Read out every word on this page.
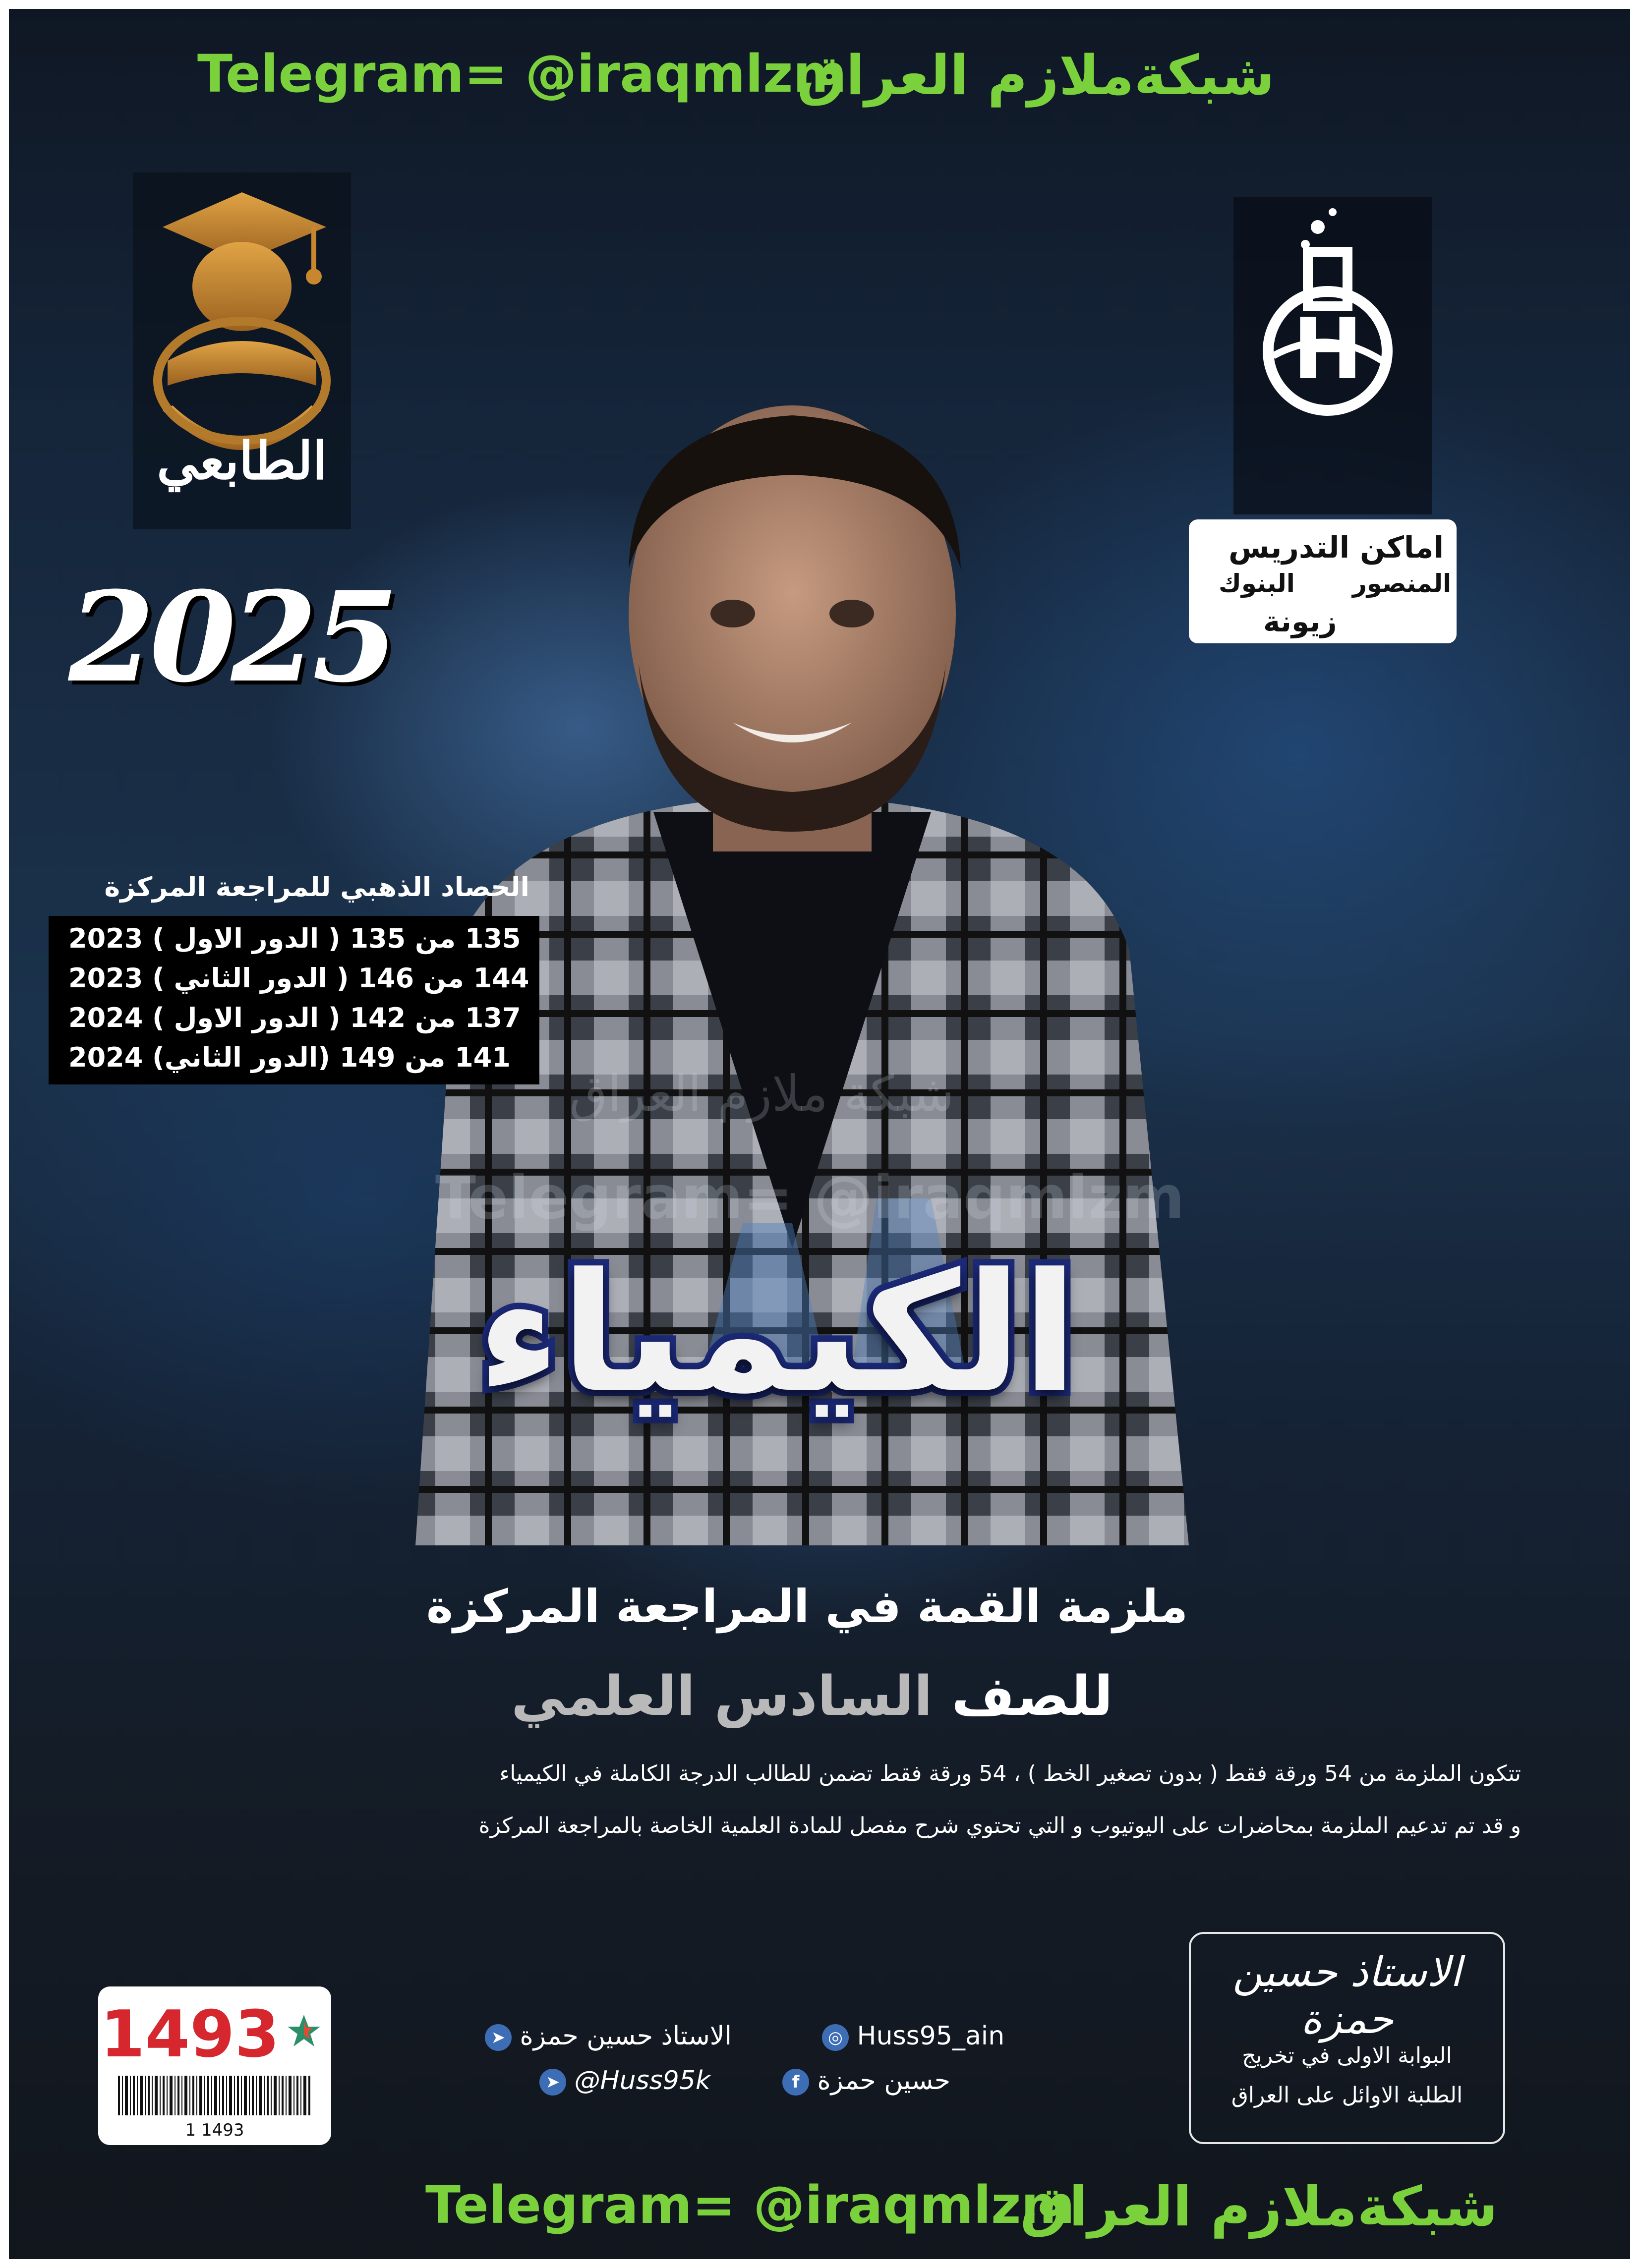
Telegram= @iraqmlzm
شبكةملازم العراق
الطابعي
H
اماكن التدريس
المنصور
البنوك
زيونة
2025
الحصاد الذهبي للمراجعة المركزة
135 من 135 ( الدور الاول ) 2023
144 من 146 ( الدور الثاني ) 2023
137 من 142 ( الدور الاول ) 2024
141 من 149 (الدور الثاني) 2024
شبكة ملازم العراق
Telegram= @iraqmlzm
الكيمياء
ملزمة القمة في المراجعة المركزة
للصف السادس العلمي
تتكون الملزمة من 54 ورقة فقط ( بدون تصغير الخط ) ، 54 ورقة فقط تضمن للطالب الدرجة الكاملة في الكيمياء
و قد تم تدعيم الملزمة بمحاضرات على اليوتيوب و التي تحتوي شرح مفصل للمادة العلمية الخاصة بالمراجعة المركزة
الاستاذ حسين حمزة
البوابة الاولى في تخريج
الطلبة الاوائل على العراق
◎ Huss95_ain
الاستاذ حسين حمزة ➤
حسين حمزة f
➤ @Huss95k
1493
1 1493
Telegram= @iraqmlzm
شبكةملازم العراق
